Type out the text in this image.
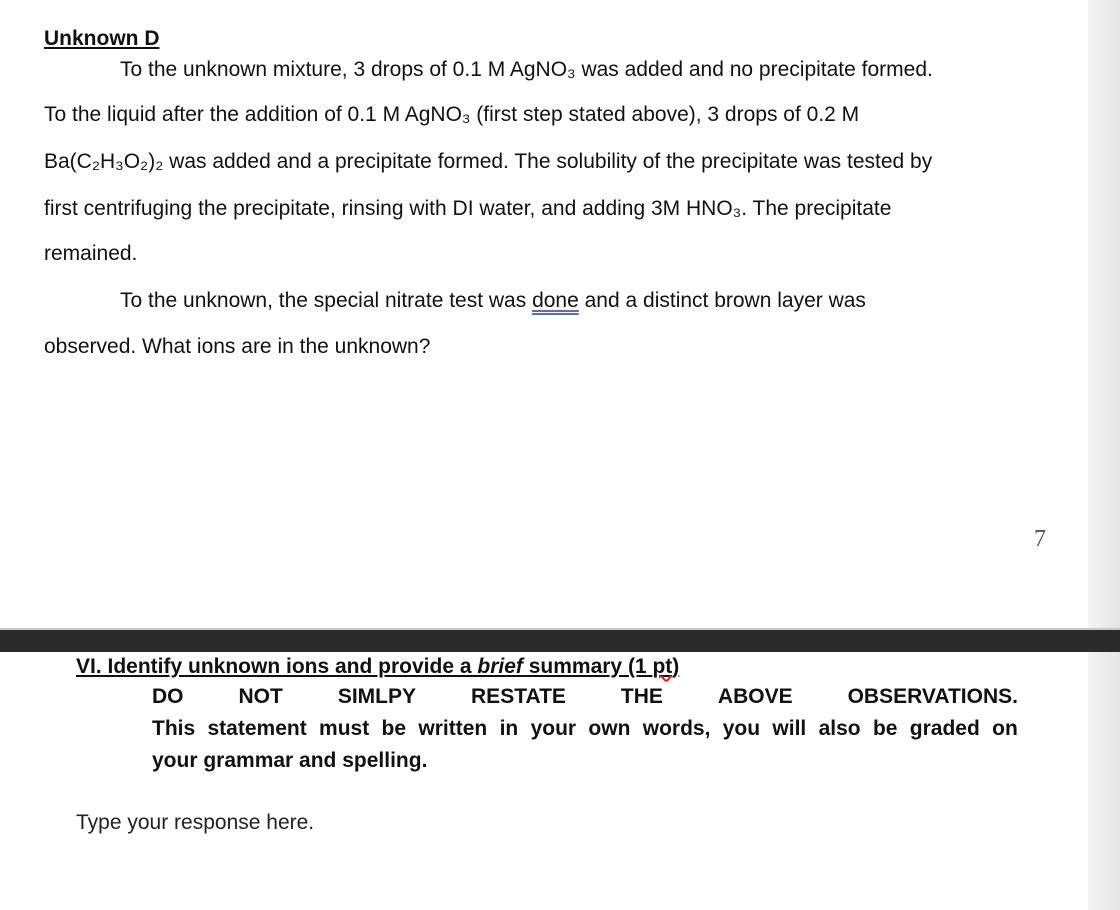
Unknown D
To the unknown mixture, 3 drops of 0.1 M AgNO₃ was added and no precipitate formed.
To the liquid after the addition of 0.1 M AgNO₃ (first step stated above), 3 drops of 0.2 M
Ba(C₂H₃O₂)₂ was added and a precipitate formed. The solubility of the precipitate was tested by
first centrifuging the precipitate, rinsing with DI water, and adding 3M HNO₃. The precipitate
remained.
To the unknown, the special nitrate test was done and a distinct brown layer was
observed. What ions are in the unknown?
7
VI. Identify unknown ions and provide a brief summary (1 pt)
DO	NOT	SIMLPY	RESTATE	THE	ABOVE	OBSERVATIONS.
This statement must be written in your own words, you will also be graded on
your grammar and spelling.
Type your response here.
